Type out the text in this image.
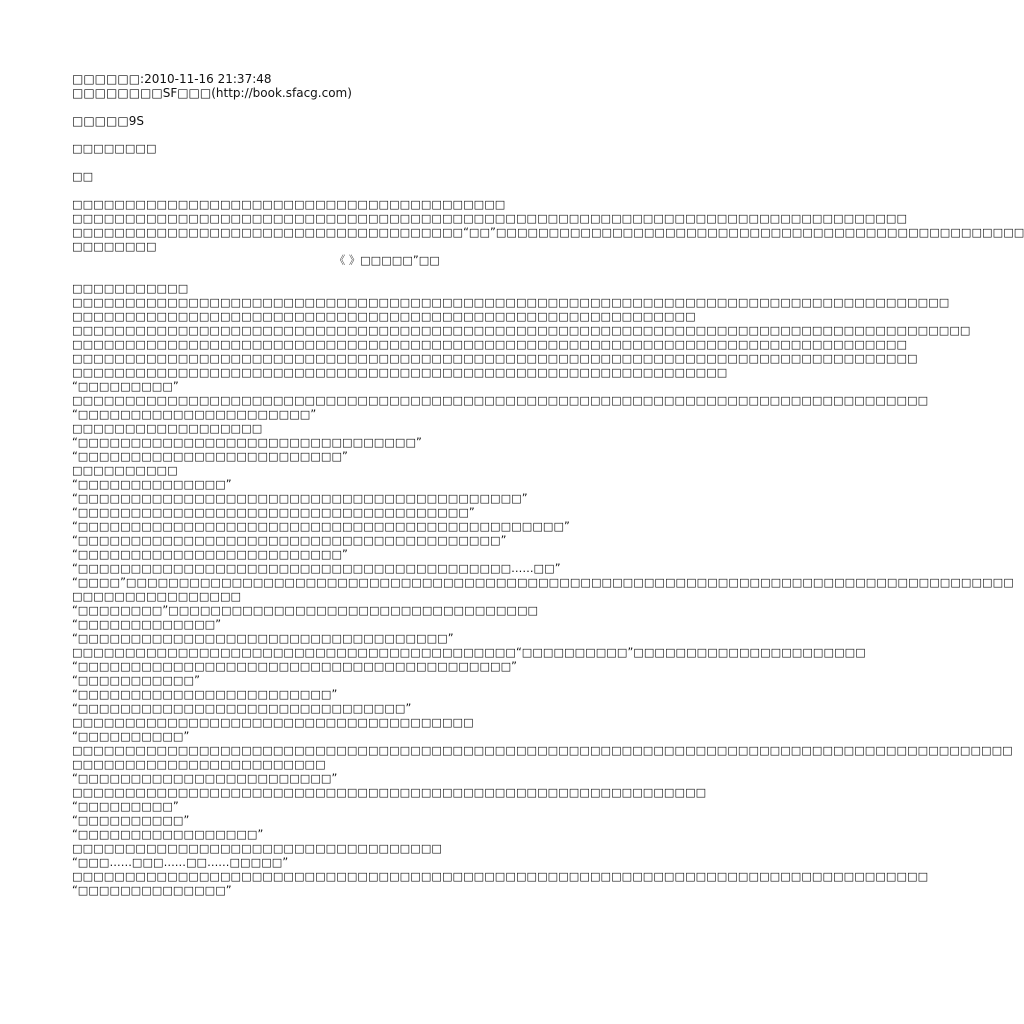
□□□□□□:2010-11-16 21:37:48
□□□□□□□□SF□□□(http://book.sfacg.com)
□□□□□9S
□□□□□□□□
□□
□□□□□□□□□□□□□□□□□□□□□□□□□□□□□□□□□□□□□□□□□
□□□□□□□□□□□□□□□□□□□□□□□□□□□□□□□□□□□□□□□□□□□□□□□□□□□□□□□□□□□□□□□□□□□□□□□□□□□□□□□
□□□□□□□□□□□□□□□□□□□□□□□□□□□□□□□□□□□□□“□□”□□□□□□□□□□□□□□□□□□□□□□□□□□□□□□□□□□□□□□□□□□□□□□□□□□
□□□□□□□□
《 》□□□□□”□□
□□□□□□□□□□□
□□□□□□□□□□□□□□□□□□□□□□□□□□□□□□□□□□□□□□□□□□□□□□□□□□□□□□□□□□□□□□□□□□□□□□□□□□□□□□□□□□□
□□□□□□□□□□□□□□□□□□□□□□□□□□□□□□□□□□□□□□□□□□□□□□□□□□□□□□□□□□□
□□□□□□□□□□□□□□□□□□□□□□□□□□□□□□□□□□□□□□□□□□□□□□□□□□□□□□□□□□□□□□□□□□□□□□□□□□□□□□□□□□□□□
□□□□□□□□□□□□□□□□□□□□□□□□□□□□□□□□□□□□□□□□□□□□□□□□□□□□□□□□□□□□□□□□□□□□□□□□□□□□□□□
□□□□□□□□□□□□□□□□□□□□□□□□□□□□□□□□□□□□□□□□□□□□□□□□□□□□□□□□□□□□□□□□□□□□□□□□□□□□□□□□
□□□□□□□□□□□□□□□□□□□□□□□□□□□□□□□□□□□□□□□□□□□□□□□□□□□□□□□□□□□□□□
“□□□□□□□□□”
□□□□□□□□□□□□□□□□□□□□□□□□□□□□□□□□□□□□□□□□□□□□□□□□□□□□□□□□□□□□□□□□□□□□□□□□□□□□□□□□□
“□□□□□□□□□□□□□□□□□□□□□□”
□□□□□□□□□□□□□□□□□□
“□□□□□□□□□□□□□□□□□□□□□□□□□□□□□□□□”
“□□□□□□□□□□□□□□□□□□□□□□□□□”
□□□□□□□□□□
“□□□□□□□□□□□□□□”
“□□□□□□□□□□□□□□□□□□□□□□□□□□□□□□□□□□□□□□□□□□”
“□□□□□□□□□□□□□□□□□□□□□□□□□□□□□□□□□□□□□”
“□□□□□□□□□□□□□□□□□□□□□□□□□□□□□□□□□□□□□□□□□□□□□□”
“□□□□□□□□□□□□□□□□□□□□□□□□□□□□□□□□□□□□□□□□”
“□□□□□□□□□□□□□□□□□□□□□□□□□”
“□□□□□□□□□□□□□□□□□□□□□□□□□□□□□□□□□□□□□□□□□……□□”
“□□□□”□□□□□□□□□□□□□□□□□□□□□□□□□□□□□□□□□□□□□□□□□□□□□□□□□□□□□□□□□□□□□□□□□□□□□□□□□□□□□□□□□□□□
□□□□□□□□□□□□□□□□
“□□□□□□□□”□□□□□□□□□□□□□□□□□□□□□□□□□□□□□□□□□□□
“□□□□□□□□□□□□□”
“□□□□□□□□□□□□□□□□□□□□□□□□□□□□□□□□□□□”
□□□□□□□□□□□□□□□□□□□□□□□□□□□□□□□□□□□□□□□□□□“□□□□□□□□□□”□□□□□□□□□□□□□□□□□□□□□□
“□□□□□□□□□□□□□□□□□□□□□□□□□□□□□□□□□□□□□□□□□”
“□□□□□□□□□□□”
“□□□□□□□□□□□□□□□□□□□□□□□□”
“□□□□□□□□□□□□□□□□□□□□□□□□□□□□□□□”
□□□□□□□□□□□□□□□□□□□□□□□□□□□□□□□□□□□□□□
“□□□□□□□□□□”
□□□□□□□□□□□□□□□□□□□□□□□□□□□□□□□□□□□□□□□□□□□□□□□□□□□□□□□□□□□□□□□□□□□□□□□□□□□□□□□□□□□□□□□□□
□□□□□□□□□□□□□□□□□□□□□□□□
“□□□□□□□□□□□□□□□□□□□□□□□□”
□□□□□□□□□□□□□□□□□□□□□□□□□□□□□□□□□□□□□□□□□□□□□□□□□□□□□□□□□□□□
“□□□□□□□□□”
“□□□□□□□□□□”
“□□□□□□□□□□□□□□□□□”
□□□□□□□□□□□□□□□□□□□□□□□□□□□□□□□□□□□
“□□□……□□□……□□……□□□□□”
□□□□□□□□□□□□□□□□□□□□□□□□□□□□□□□□□□□□□□□□□□□□□□□□□□□□□□□□□□□□□□□□□□□□□□□□□□□□□□□□□
“□□□□□□□□□□□□□□”
